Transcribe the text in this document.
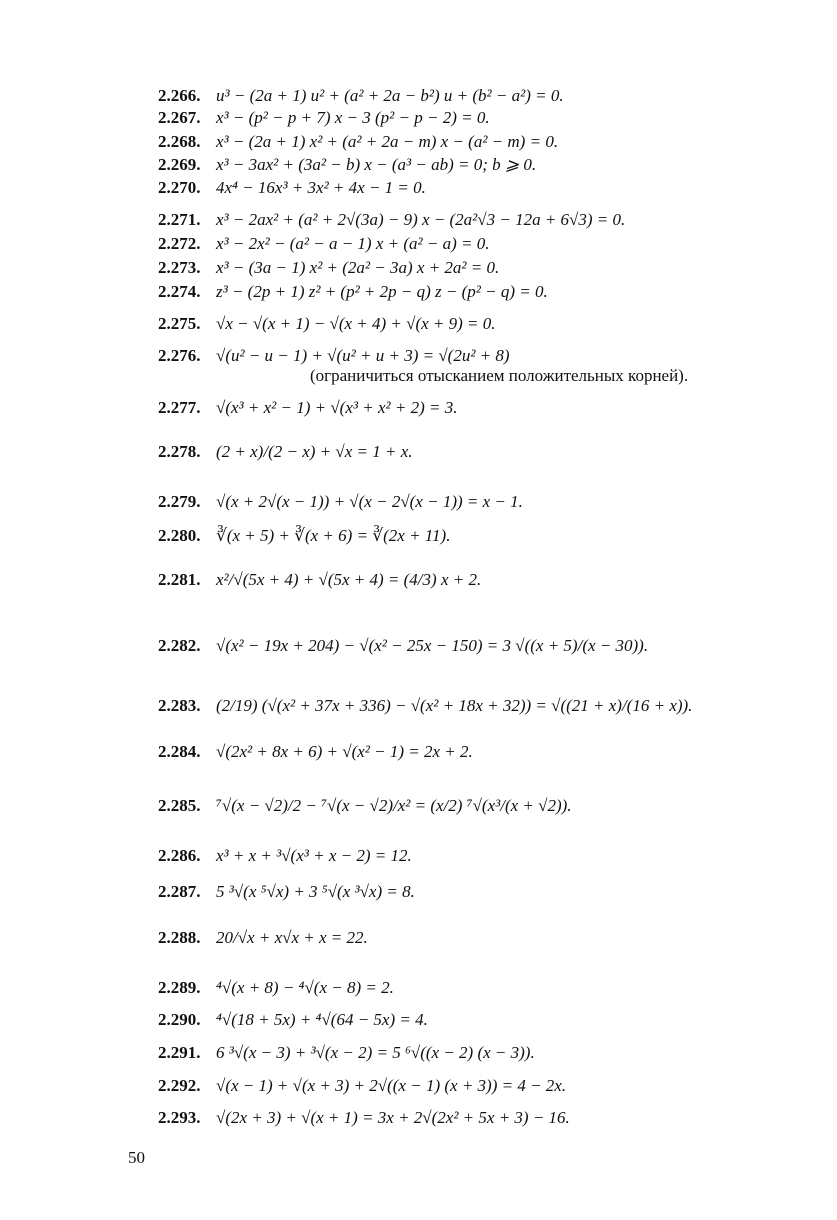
2.266. u³ − (2a + 1) u² + (a² + 2a − b²) u + (b² − a²) = 0.
2.267. x³ − (p² − p + 7) x − 3 (p² − p − 2) = 0.
2.268. x³ − (2a + 1) x² + (a² + 2a − m) x − (a² − m) = 0.
2.269. x³ − 3ax² + (3a² − b) x − (a³ − ab) = 0; b ⩾ 0.
2.270. 4x⁴ − 16x³ + 3x² + 4x − 1 = 0.
2.271. x³ − 2ax² + (a² + 2√(3a) − 9) x − (2a²√3 − 12a + 6√3) = 0.
2.272. x³ − 2x² − (a² − a − 1) x + (a² − a) = 0.
2.273. x³ − (3a − 1) x² + (2a² − 3a) x + 2a² = 0.
2.274. z³ − (2p + 1) z² + (p² + 2p − q) z − (p² − q) = 0.
2.275. √x − √(x + 1) − √(x + 4) + √(x + 9) = 0.
2.276. √(u² − u − 1) + √(u² + u + 3) = √(2u² + 8)
(ограничиться отысканием положительных корней).
2.277. √(x³ + x² − 1) + √(x³ + x² + 2) = 3.
2.278. (2 + x)/(2 − x) + √x = 1 + x.
2.279. √(x + 2√(x − 1)) + √(x − 2√(x − 1)) = x − 1.
2.280. ∛(x + 5) + ∛(x + 6) = ∛(2x + 11).
2.281. x²/√(5x + 4) + √(5x + 4) = (4/3) x + 2.
2.282. √(x² − 19x + 204) − √(x² − 25x − 150) = 3 √((x + 5)/(x − 30)).
2.283. (2/19) (√(x² + 37x + 336) − √(x² + 18x + 32)) = √((21 + x)/(16 + x)).
2.284. √(2x² + 8x + 6) + √(x² − 1) = 2x + 2.
2.285. ⁷√(x − √2)/2 − ⁷√(x − √2)/x² = (x/2) ⁷√(x³/(x + √2)).
2.286. x³ + x + ³√(x³ + x − 2) = 12.
2.287. 5 ³√(x ⁵√x) + 3 ⁵√(x ³√x) = 8.
2.288. 20/√x + x√x + x = 22.
2.289. ⁴√(x + 8) − ⁴√(x − 8) = 2.
2.290. ⁴√(18 + 5x) + ⁴√(64 − 5x) = 4.
2.291. 6 ³√(x − 3) + ³√(x − 2) = 5 ⁶√((x − 2) (x − 3)).
2.292. √(x − 1) + √(x + 3) + 2√((x − 1) (x + 3)) = 4 − 2x.
2.293. √(2x + 3) + √(x + 1) = 3x + 2√(2x² + 5x + 3) − 16.
50
